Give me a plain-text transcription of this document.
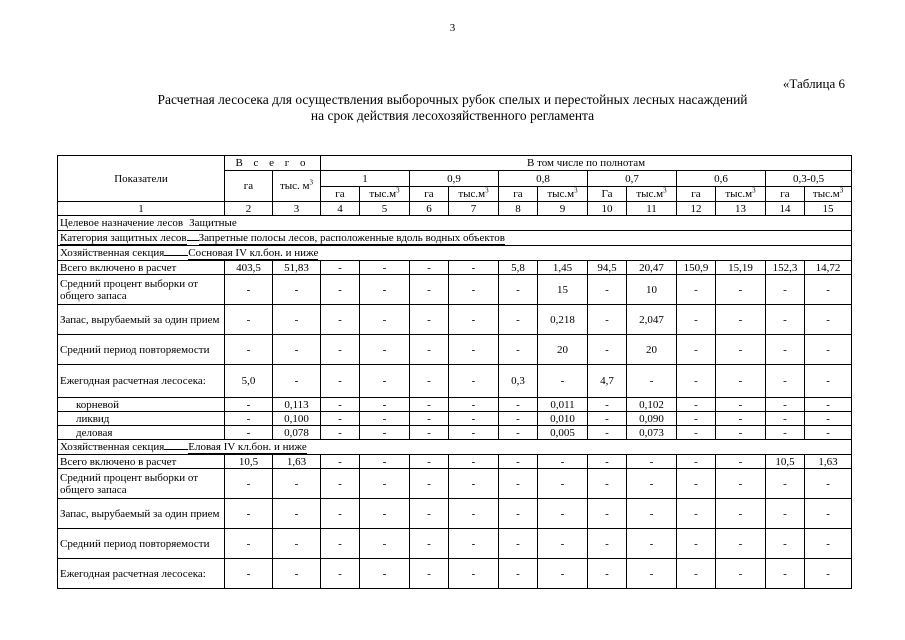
3
«Таблица 6
Расчетная лесосека для осуществления выборочных рубок спелых и перестойных лесных насаждений
на срок действия лесохозяйственного регламента
Показатели	В с е г о		В том числе по полнотам											
	га	тыс. $м^3$	1		0,9		0,8		0,7		0,6		0,3-0,5	
			га	$тыс.м^3$	га	$тыс.м^3$	га	$тыс.м^3$	Га	$тыс.м^3$	га	$тыс.м^3$	га	$тыс.м^3$
1	2	3	4	5	6	7	8	9	10	11	12	13	14	15
Целевое назначение лесов Защитные														
Категория защитных лесов Запретные полосы лесов, расположенные вдоль водных объектов														
Хозяйственная секция Сосновая IV кл.бон. и ниже														
Всего включено в расчет	403,5	51,83	-	-	-	-	5,8	1,45	94,5	20,47	150,9	15,19	152,3	14,72
Средний процент выборки от общего запаса	-	-	-	-	-	-	-	15	-	10	-	-	-	-
Запас, вырубаемый за один прием	-	-	-	-	-	-	-	0,218	-	2,047	-	-	-	-
Средний период повторяемости	-	-	-	-	-	-	-	20	-	20	-	-	-	-
Ежегодная расчетная лесосека:	5,0	-	-	-	-	-	0,3	-	4,7	-	-	-	-	-
корневой	-	0,113	-	-	-	-	-	0,011	-	0,102	-	-	-	-
ликвид	-	0,100	-	-	-	-	-	0,010	-	0,090	-	-	-	-
деловая	-	0,078	-	-	-	-	-	0,005	-	0,073	-	-	-	-
Хозяйственная секция Еловая IV кл.бон. и ниже														
Всего включено в расчет	10,5	1,63	-	-	-	-	-	-	-	-	-	-	10,5	1,63
Средний процент выборки от общего запаса	-	-	-	-	-	-	-	-	-	-	-	-	-	-
Запас, вырубаемый за один прием	-	-	-	-	-	-	-	-	-	-	-	-	-	-
Средний период повторяемости	-	-	-	-	-	-	-	-	-	-	-	-	-	-
Ежегодная расчетная лесосека:	-	-	-	-	-	-	-	-	-	-	-	-	-	-
